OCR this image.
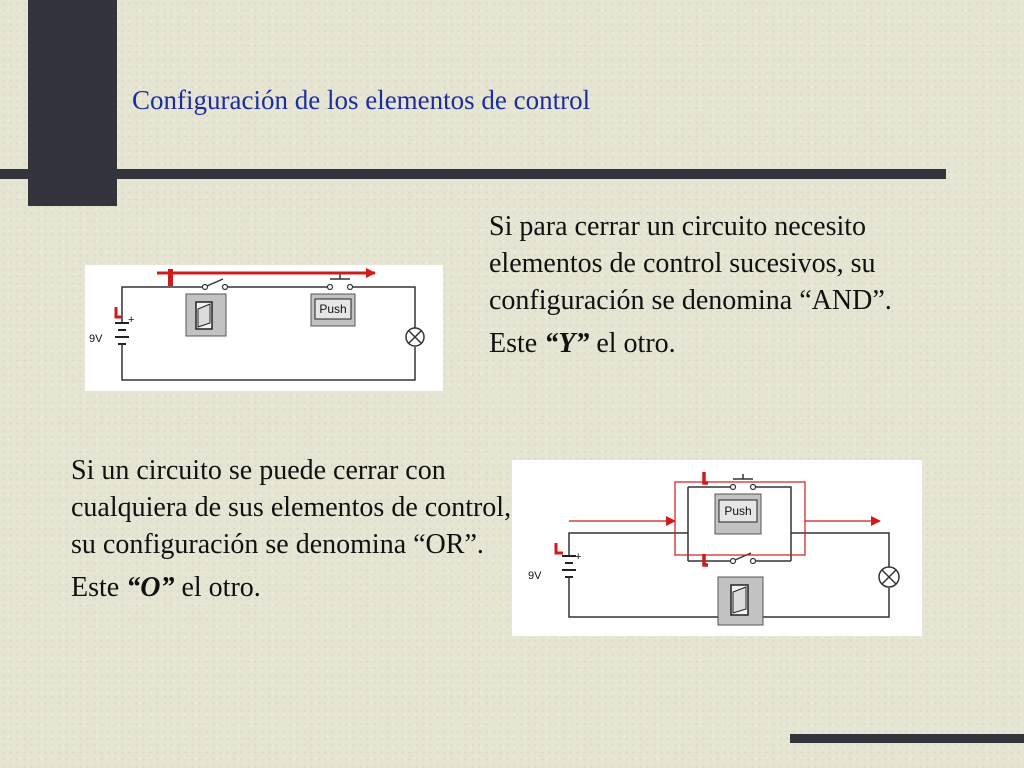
Configuración de los elementos de control

Si para cerrar un circuito necesito elementos de control sucesivos, su configuración se denomina “AND”.

Este “Y” el otro.

Si un circuito se puede cerrar con cualquiera de sus elementos de control, su configuración se denomina “OR”.

Este “O” el otro.

Push
+
9V
Push
+
9V
